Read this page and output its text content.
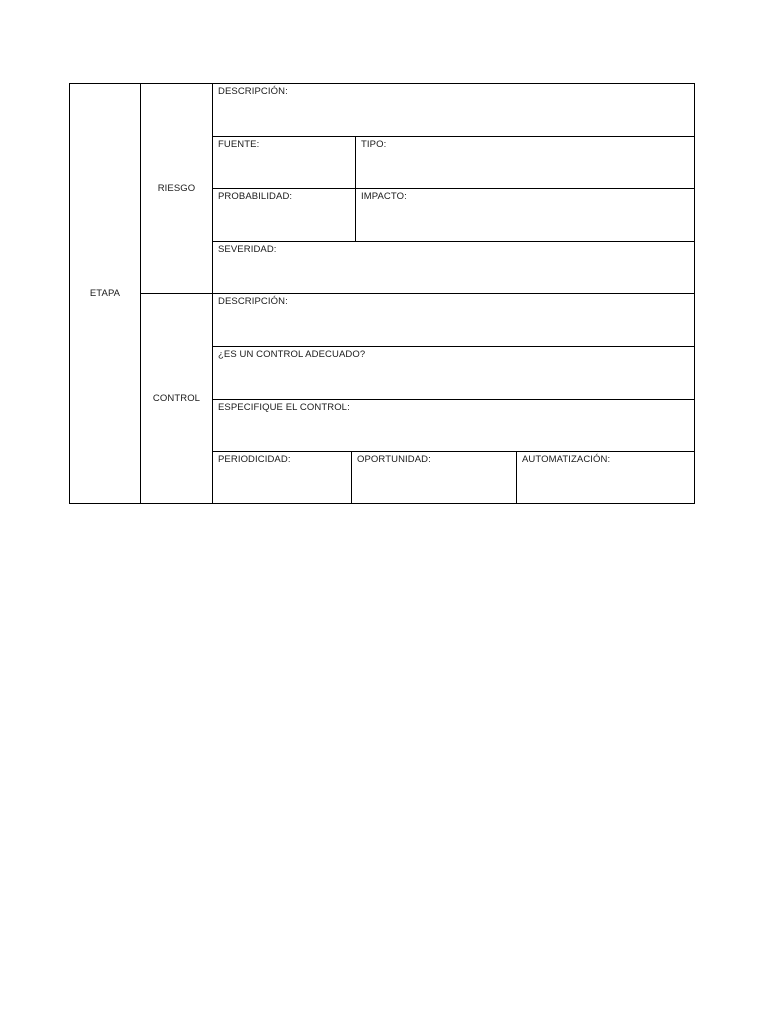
ETAPA
RIESGO
CONTROL
DESCRIPCIÓN:
FUENTE:	TIPO:
PROBABILIDAD:	IMPACTO:
SEVERIDAD:
DESCRIPCIÓN:
¿ES UN CONTROL ADECUADO?
ESPECIFIQUE EL CONTROL:
PERIODICIDAD:	OPORTUNIDAD:	AUTOMATIZACIÓN:
